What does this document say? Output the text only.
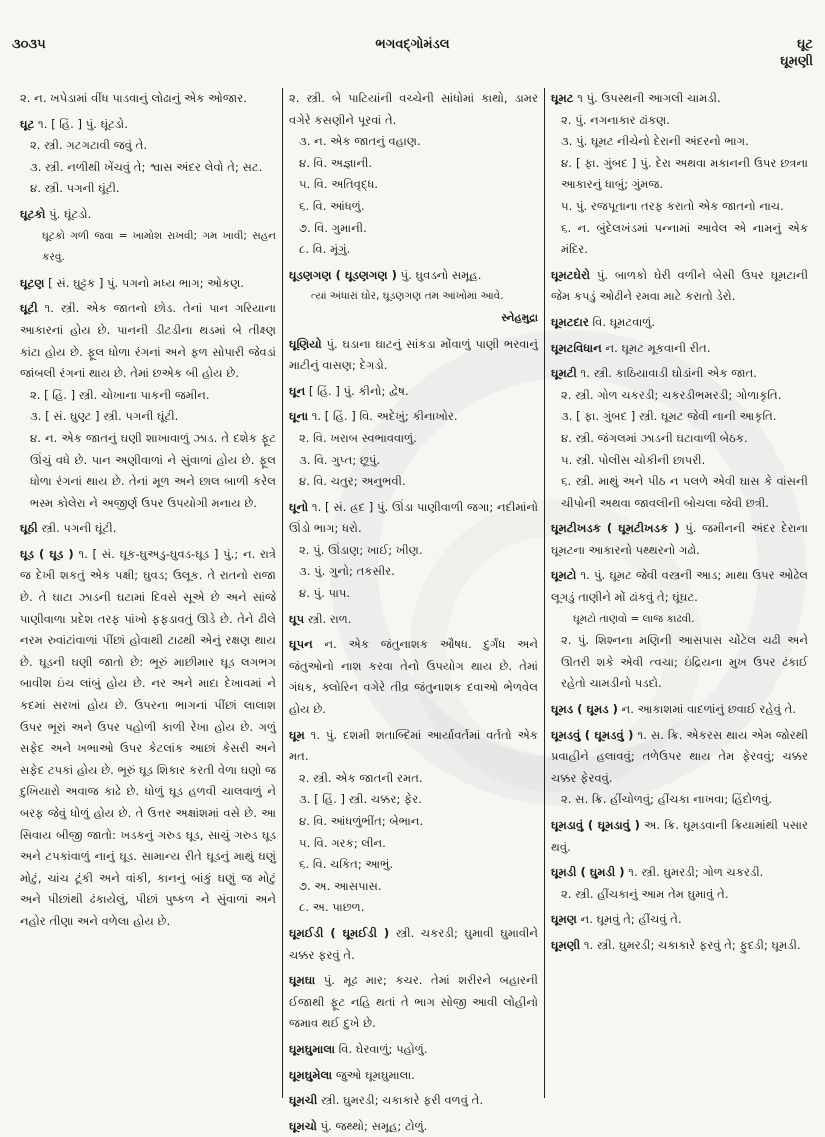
૩૦૩૫	ભગવદ્ગોમંડલ	ઘૂટ
ઘૂમણી
૨. ન. ખપેડામાં વીંધ પાડવાનું લોઢાનું એક ઓજાર.
ઘૂટ ૧. [ હિં. ] પું. ઘૂંટડો.
૨. સ્ત્રી. ગટગટાવી જવું તે.
૩. સ્ત્રી. નળીથી ખેંચવું તે; શ્વાસ અંદર લેવો તે; સટ.
૪. સ્ત્રી. પગની ઘૂંટી.
ઘૂટકો પું. ઘૂંટડો.
ઘૂટકો ગળી જવા = ખામોશ રાખવી; ગમ ખાવી; સહન કરવું.
ઘૂટણ [ સં. ઘુટ્ટક ] પું. પગનો મધ્ય ભાગ; ઓકણ.
ઘૂટી ૧. સ્ત્રી. એક જાતનો છોડ. તેનાં પાન ગરિયાના આકારનાં હોય છે. પાનની ડીટડીના થડમાં બે તીક્ષ્ણ કાંટા હોય છે. ફૂલ ધોળા રંગનાં અને ફળ સોપારી જેવડાં જાંબલી રંગનાં થાય છે. તેમાં છએક બી હોય છે.
૨. [ હિં. ] સ્ત્રી. ચોખાના પાકની જમીન.
૩. [ સં. ઘુણ્ટ ] સ્ત્રી. પગની ઘૂંટી.
૪. ન. એક જાતનું ઘણી શાખાવાળું ઝાડ. તે દશેક ફૂટ ઊંચું વધે છે. પાન અણીવાળાં ને સુંવાળાં હોય છે. ફૂલ ધોળા રંગનાં થાય છે. તેનાં મૂળ અને છાલ બાળી કરેલ ભસ્મ કોલેરા ને અજીર્ણ ઉપર ઉપયોગી મનાય છે.
ઘૂઠી સ્ત્રી. પગની ઘૂંટી.
ઘૂડ ( ઘૂડ ) ૧. [ સં. ઘૂક-ઘુઅડુ-ઘુવડ-ઘૂડ ] પું.; ન. રાત્રે જ દેખી શકતું એક પક્ષી; ઘુવડ; ઉલૂક. તે રાતનો રાજા છે. તે ઘાટા ઝાડની ઘટામાં દિવસે સૂએ છે અને સાંજે પાણીવાળા પ્રદેશ તરફ પાંખો ફફડાવતું ઊડે છે. તેને ઢીલે નરમ રુવાંટાંવાળાં પીંછાં હોવાથી ટાઢથી એનું રક્ષણ થાય છે. ઘૂડની ઘણી જાતો છે: ભૂરું માછીમાર ઘૂડ લગભગ બાવીશ ઇંચ લાંબું હોય છે. નર અને માદા દેખાવમાં ને કદમાં સરખાં હોય છે. ઉપરના ભાગનાં પીંછાં લાલાશ ઉપર ભૂરાં અને ઉપર પહોળી કાળી રેખા હોય છે. ગળું સફેદ અને ખભાઓ ઉપર કેટલાંક આછાં કેસરી અને સફેદ ટપકાં હોય છે. ભૂરું ઘૂડ શિકાર કરતી વેળા ઘણો જ દુખિયારો અવાજ કાઢે છે. ધોળું ઘૂડ હળવી ચાલવાળું ને બરફ જેવું ધોળું હોય છે. તે ઉત્તર અક્ષાંશમાં વસે છે. આ સિવાય બીજી જાતો: ખડકનું ગરુડ ઘૂડ, સાચું ગરુડ ઘૂડ અને ટપકાંવાળું નાનું ઘૂડ. સામાન્ય રીતે ઘૂડનું માથું ઘણું મોટું, ચાંચ ટૂંકી અને વાંકી, કાનનું બાંકું ઘણું જ મોટું અને પીછાંથી ઢંકાયેલું, પીછાં પુષ્કળ ને સુંવાળાં અને નહોર તીણા અને વળેલા હોય છે.
૨. સ્ત્રી. બે પાટિયાંની વચ્ચેની સાંધોમાં કાથો, ડામર વગેરે કસણીને પૂરવાં તે.
૩. ન. એક જાતનું વહાણ.
૪. વિ. અજ્ઞાની.
૫. વિ. અતિવૃદ્ધ.
૬. વિ. આંધળું.
૭. વિ. ગુમાની.
૮. વિ. મૂંગું.
ઘૂડણગણ ( ઘૂડણગણ ) પું. ઘુવડનો સમૂહ.
ત્યાં અંધારાં ઘોર, ઘૂડણગણ તમ આંખોમાં આવે.
સ્નેહમુદ્રા
ઘૂણિયો પું. ઘડાના ઘાટનું સાંકડા મોંવાળું પાણી ભરવાનું માટીનું વાસણ; દેગડો.
ઘૂન [ હિં. ] પું. કીનો; દ્વેષ.
ઘૂના ૧. [ હિં. ] વિ. અદેખું; કીનાખોર.
૨. વિ. ખરાબ સ્વભાવવાળું.
૩. વિ. ગુપ્ત; છૂપું.
૪. વિ. ચતુર; અનુભવી.
ઘૂનો ૧. [ સં. હ્રદ ] પું. ઊંડા પાણીવાળી જગા; નદીમાંનો ઊંડો ભાગ; ધરો.
૨. પું. ઊંડાણ; ખાઈ; ખીણ.
૩. પું. ગુનો; તકસીર.
૪. પું. પાપ.
ઘૂપ સ્ત્રી. રાળ.
ઘૂપન ન. એક જંતુનાશક ઔષધ. દુર્ગંધ અને જંતુઓનો નાશ કરવા તેનો ઉપયોગ થાય છે. તેમાં ગંધક, ક્લોરિન વગેરે તીવ્ર જંતુનાશક દવાઓ ભેળવેલ હોય છે.
ઘૂમ ૧. પું. દશમી શતાબ્દિમાં આર્યાવર્તમાં વર્તતો એક મત.
૨. સ્ત્રી. એક જાતની રમત.
૩. [ હિં. ] સ્ત્રી. ચક્કર; ફેર.
૪. વિ. આંધળુંભીંત; બેભાન.
૫. વિ. ગરક; લીન.
૬. વિ. ચકિત; આભું.
૭. અ. આસપાસ.
૮. અ. પાછળ.
ઘૂમઈડી ( ઘૂમઈડી ) સ્ત્રી. ચકરડી; ઘુમાવી ઘુમાવીને ચક્કર ફરવું તે.
ઘૂમઘા પું. મૂઢ માર; કચર. તેમાં શરીરને બહારની ઈજાથી ફૂટ નહિ થતાં તે ભાગ સોજી આવી લોહીનો જમાવ થઈ દુખે છે.
ઘૂમઘુમાલા વિ. ઘેરવાળું; પહોળું.
ઘૂમઘુમેલા જુઓ ઘૂમઘુમાલા.
ઘૂમચી સ્ત્રી. ઘુમરડી; ચકાકારે ફરી વળવું તે.
ઘૂમચો પું. જથ્થો; સમૂહ; ટોળું.
ઘૂમટ ૧ પું. ઉપસ્થની આગલી ચામડી.
૨. પું. નગનાકાર ઢાંકણ.
૩. પું. ઘૂમટ નીચેનો દેરાની અંદરનો ભાગ.
૪. [ ફા. ગુંબદ ] પું. દેરા અથવા મકાનની ઉપર છત્રના આકારનું ધાબું; ગુંમજ.
૫. પું. રજપૂતાના તરફ કરાતો એક જાતનો નાચ.
૬. ન. બુંદેલખંડમાં પન્નામાં આવેલ એ નામનું એક મંદિર.
ઘૂમટઘેરો પું. બાળકો ઘેરી વળીને બેસી ઉપર ઘૂમટાની જેમ કપડું ઓઢીને રમવા માટે કરાતો ડેરો.
ઘૂમટદાર વિ. ઘૂમટવાળું.
ઘૂમટવિધાન ન. ઘૂમટ મૂકવાની રીત.
ઘૂમટી ૧. સ્ત્રી. કાઠિયાવાડી ઘોડાંની એક જાત.
૨. સ્ત્રી. ગોળ ચકરડી; ચકરડીભમરડી; ગોળાકૃતિ.
૩. [ ફા. ગુંબદ ] સ્ત્રી. ઘૂમટ જેવી નાની આકૃતિ.
૪. સ્ત્રી. જંગલમાં ઝાડની ઘટાવાળી બેઠક.
૫. સ્ત્રી. પોલીસ ચોકીની છાપરી.
૬. સ્ત્રી. માથું અને પીઠ ન પલળે એવી ઘાસ કે વાંસની ચીપોની અથવા જાવલીની બોચલા જેવી છત્રી.
ઘૂમટીખડક ( ઘૂમટીખડક ) પું. જમીનની અંદર દેરાના ઘૂમટના આકારનો પથ્થરનો ગઢો.
ઘૂમટો ૧. પું. ઘૂમટ જેવી વસ્ત્રની આડ; માથા ઉપર ઓઢેલ લૂગડું તાણીને મોં ઢાંકવું તે; ઘૂંઘટ.
ઘૂમટો તાણવો = લાજ કાઢવી.
૨. પું. શિશ્નના મણિની આસપાસ ચોંટેલ ચઢી અને ઊતરી શકે એવી ત્વચા; ઇંદ્રિયના મુખ ઉપર ઢંકાઈ રહેતો ચામડીનો પડદો.
ઘૂમડ ( ઘૂમડ ) ન. આકાશમાં વાદળાંનું છવાઈ રહેવું તે.
ઘૂમડવું ( ઘૂમડવું ) ૧. સ. ક્રિ. એકરસ થાય એમ જોરથી પ્રવાહીને હલાવવું; તળેઉપર થાય તેમ ફેરવવું; ચક્કર ચક્કર ફેરવવું.
૨. સ. ક્રિ. હીંચોળવું; હીંચકા નાખવા; હિંદોળવું.
ઘૂમડાવું ( ઘૂમડાવું ) અ. ક્રિ. ઘૂમડવાની ક્રિયામાંથી પસાર થવું.
ઘૂમડી ( ઘુમડી ) ૧. સ્ત્રી. ઘુમરડી; ગોળ ચકરડી.
૨. સ્ત્રી. હીંચકાનું આમ તેમ ઘુમાવું તે.
ઘૂમણ ન. ઘૂમવું તે; હીંચવું તે.
ઘૂમણી ૧. સ્ત્રી. ઘુમરડી; ચકાકારે ફરવું તે; ફુદડી; ઘૂમડી.
